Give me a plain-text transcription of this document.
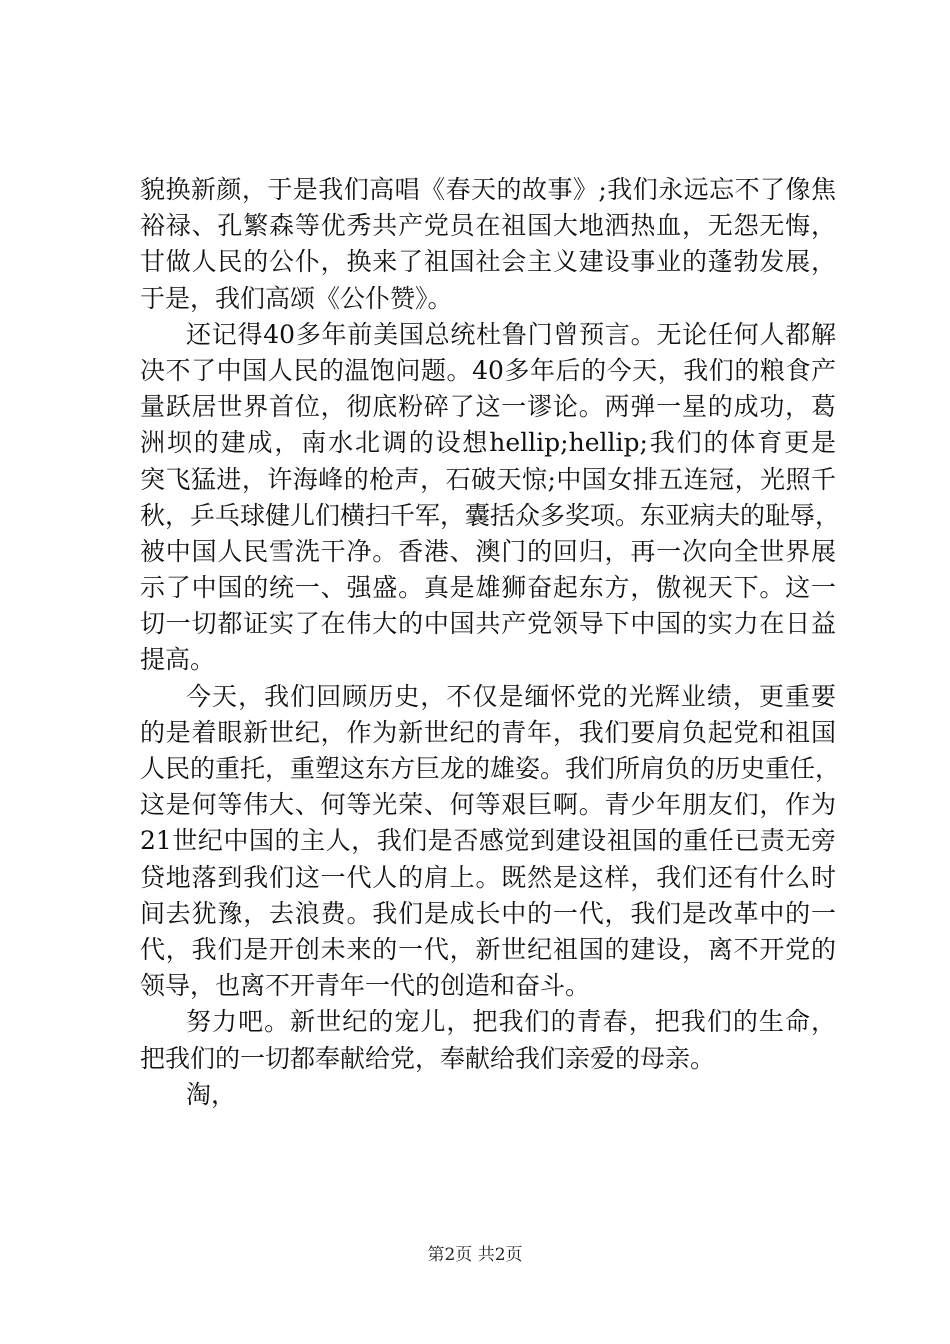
貌换新颜，于是我们高唱《春天的故事》;我们永远忘不了像焦
裕禄、孔繁森等优秀共产党员在祖国大地洒热血，无怨无悔，
甘做人民的公仆，换来了祖国社会主义建设事业的蓬勃发展，
于是，我们高颂《公仆赞》。
还记得40多年前美国总统杜鲁门曾预言。无论任何人都解
决不了中国人民的温饱问题。40多年后的今天，我们的粮食产
量跃居世界首位，彻底粉碎了这一谬论。两弹一星的成功，葛
洲坝的建成，南水北调的设想hellip;hellip;我们的体育更是
突飞猛进，许海峰的枪声，石破天惊;中国女排五连冠，光照千
秋，乒乓球健儿们横扫千军，囊括众多奖项。东亚病夫的耻辱，
被中国人民雪洗干净。香港、澳门的回归，再一次向全世界展
示了中国的统一、强盛。真是雄狮奋起东方，傲视天下。这一
切一切都证实了在伟大的中国共产党领导下中国的实力在日益
提高。
今天，我们回顾历史，不仅是缅怀党的光辉业绩，更重要
的是着眼新世纪，作为新世纪的青年，我们要肩负起党和祖国
人民的重托，重塑这东方巨龙的雄姿。我们所肩负的历史重任，
这是何等伟大、何等光荣、何等艰巨啊。青少年朋友们，作为
21世纪中国的主人，我们是否感觉到建设祖国的重任已责无旁
贷地落到我们这一代人的肩上。既然是这样，我们还有什么时
间去犹豫，去浪费。我们是成长中的一代，我们是改革中的一
代，我们是开创未来的一代，新世纪祖国的建设，离不开党的
领导，也离不开青年一代的创造和奋斗。
努力吧。新世纪的宠儿，把我们的青春，把我们的生命，
把我们的一切都奉献给党，奉献给我们亲爱的母亲。
淘，
第2页 共2页
